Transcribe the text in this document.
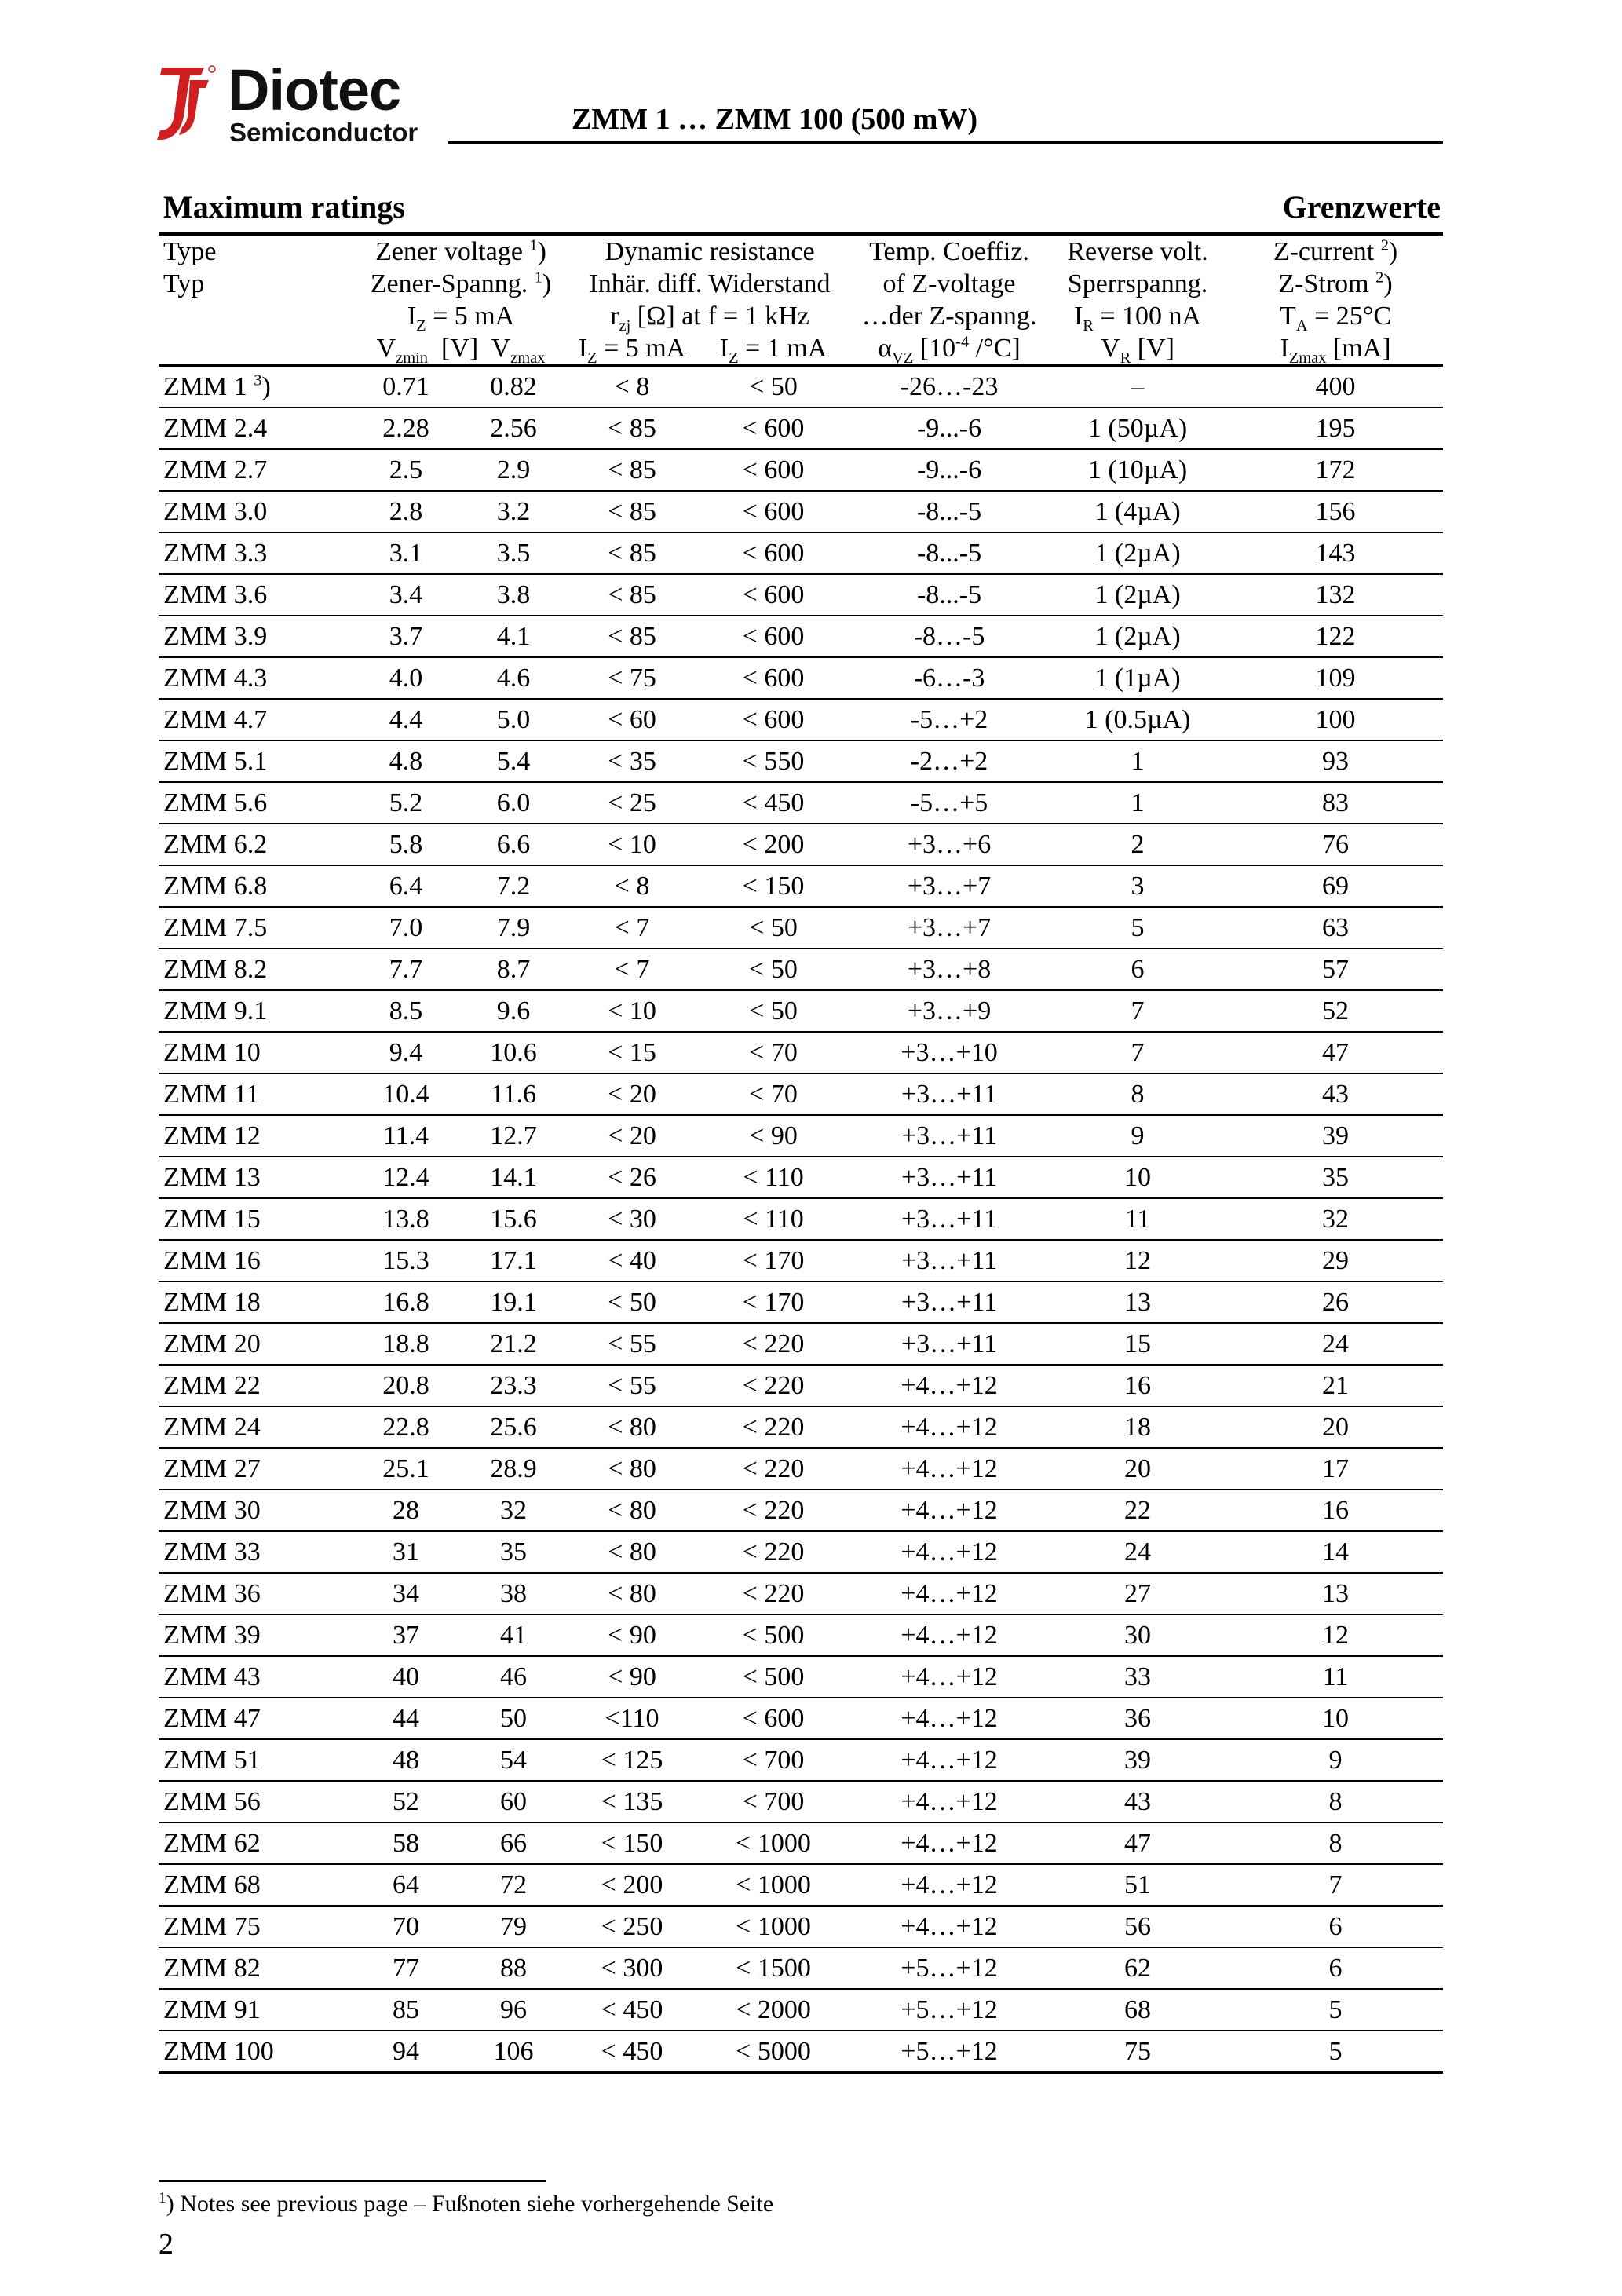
Diotec
Semiconductor	ZMM 1 … ZMM 100 (500 mW)
Maximum ratings	Grenzwerte
Type	Zener voltage $^1$)		Dynamic resistance		Temp. Coeffiz.	Reverse volt.	Z-current $^2$)
Typ	Zener-Spanng. $^1$)		Inhär. diff. Widerstand		of Z-voltage	Sperrspanng.	Z-Strom $^2$)
	$I_Z = 5$ mA		$r_{zj}$ [Ω] at f = 1 kHz		…der Z-spanng.	$I_R = 100$ nA	$T_A = 25^\circ C$
	$V_{zmin}$ [V] $V_{zmax}$		$I_Z = 5$ mA	$I_Z = 1$ mA	$\alpha_{VZ}$ [$10^{-4}$ /°C]	$V_R$ [V]	$I_{Zmax}$ [mA]
ZMM 1 $^3$)	0.71	0.82	< 8	< 50	-26…-23	–	400
ZMM 2.4	2.28	2.56	< 85	< 600	-9...-6	1 (50µA)	195
ZMM 2.7	2.5	2.9	< 85	< 600	-9...-6	1 (10µA)	172
ZMM 3.0	2.8	3.2	< 85	< 600	-8...-5	1 (4µA)	156
ZMM 3.3	3.1	3.5	< 85	< 600	-8...-5	1 (2µA)	143
ZMM 3.6	3.4	3.8	< 85	< 600	-8...-5	1 (2µA)	132
ZMM 3.9	3.7	4.1	< 85	< 600	-8…-5	1 (2µA)	122
ZMM 4.3	4.0	4.6	< 75	< 600	-6…-3	1 (1µA)	109
ZMM 4.7	4.4	5.0	< 60	< 600	-5…+2	1 (0.5µA)	100
ZMM 5.1	4.8	5.4	< 35	< 550	-2…+2	1	93
ZMM 5.6	5.2	6.0	< 25	< 450	-5…+5	1	83
ZMM 6.2	5.8	6.6	< 10	< 200	+3…+6	2	76
ZMM 6.8	6.4	7.2	< 8	< 150	+3…+7	3	69
ZMM 7.5	7.0	7.9	< 7	< 50	+3…+7	5	63
ZMM 8.2	7.7	8.7	< 7	< 50	+3…+8	6	57
ZMM 9.1	8.5	9.6	< 10	< 50	+3…+9	7	52
ZMM 10	9.4	10.6	< 15	< 70	+3…+10	7	47
ZMM 11	10.4	11.6	< 20	< 70	+3…+11	8	43
ZMM 12	11.4	12.7	< 20	< 90	+3…+11	9	39
ZMM 13	12.4	14.1	< 26	< 110	+3…+11	10	35
ZMM 15	13.8	15.6	< 30	< 110	+3…+11	11	32
ZMM 16	15.3	17.1	< 40	< 170	+3…+11	12	29
ZMM 18	16.8	19.1	< 50	< 170	+3…+11	13	26
ZMM 20	18.8	21.2	< 55	< 220	+3…+11	15	24
ZMM 22	20.8	23.3	< 55	< 220	+4…+12	16	21
ZMM 24	22.8	25.6	< 80	< 220	+4…+12	18	20
ZMM 27	25.1	28.9	< 80	< 220	+4…+12	20	17
ZMM 30	28	32	< 80	< 220	+4…+12	22	16
ZMM 33	31	35	< 80	< 220	+4…+12	24	14
ZMM 36	34	38	< 80	< 220	+4…+12	27	13
ZMM 39	37	41	< 90	< 500	+4…+12	30	12
ZMM 43	40	46	< 90	< 500	+4…+12	33	11
ZMM 47	44	50	<110	< 600	+4…+12	36	10
ZMM 51	48	54	< 125	< 700	+4…+12	39	9
ZMM 56	52	60	< 135	< 700	+4…+12	43	8
ZMM 62	58	66	< 150	< 1000	+4…+12	47	8
ZMM 68	64	72	< 200	< 1000	+4…+12	51	7
ZMM 75	70	79	< 250	< 1000	+4…+12	56	6
ZMM 82	77	88	< 300	< 1500	+5…+12	62	6
ZMM 91	85	96	< 450	< 2000	+5…+12	68	5
ZMM 100	94	106	< 450	< 5000	+5…+12	75	5
$^1$) Notes see previous page – Fußnoten siehe vorhergehende Seite
2
